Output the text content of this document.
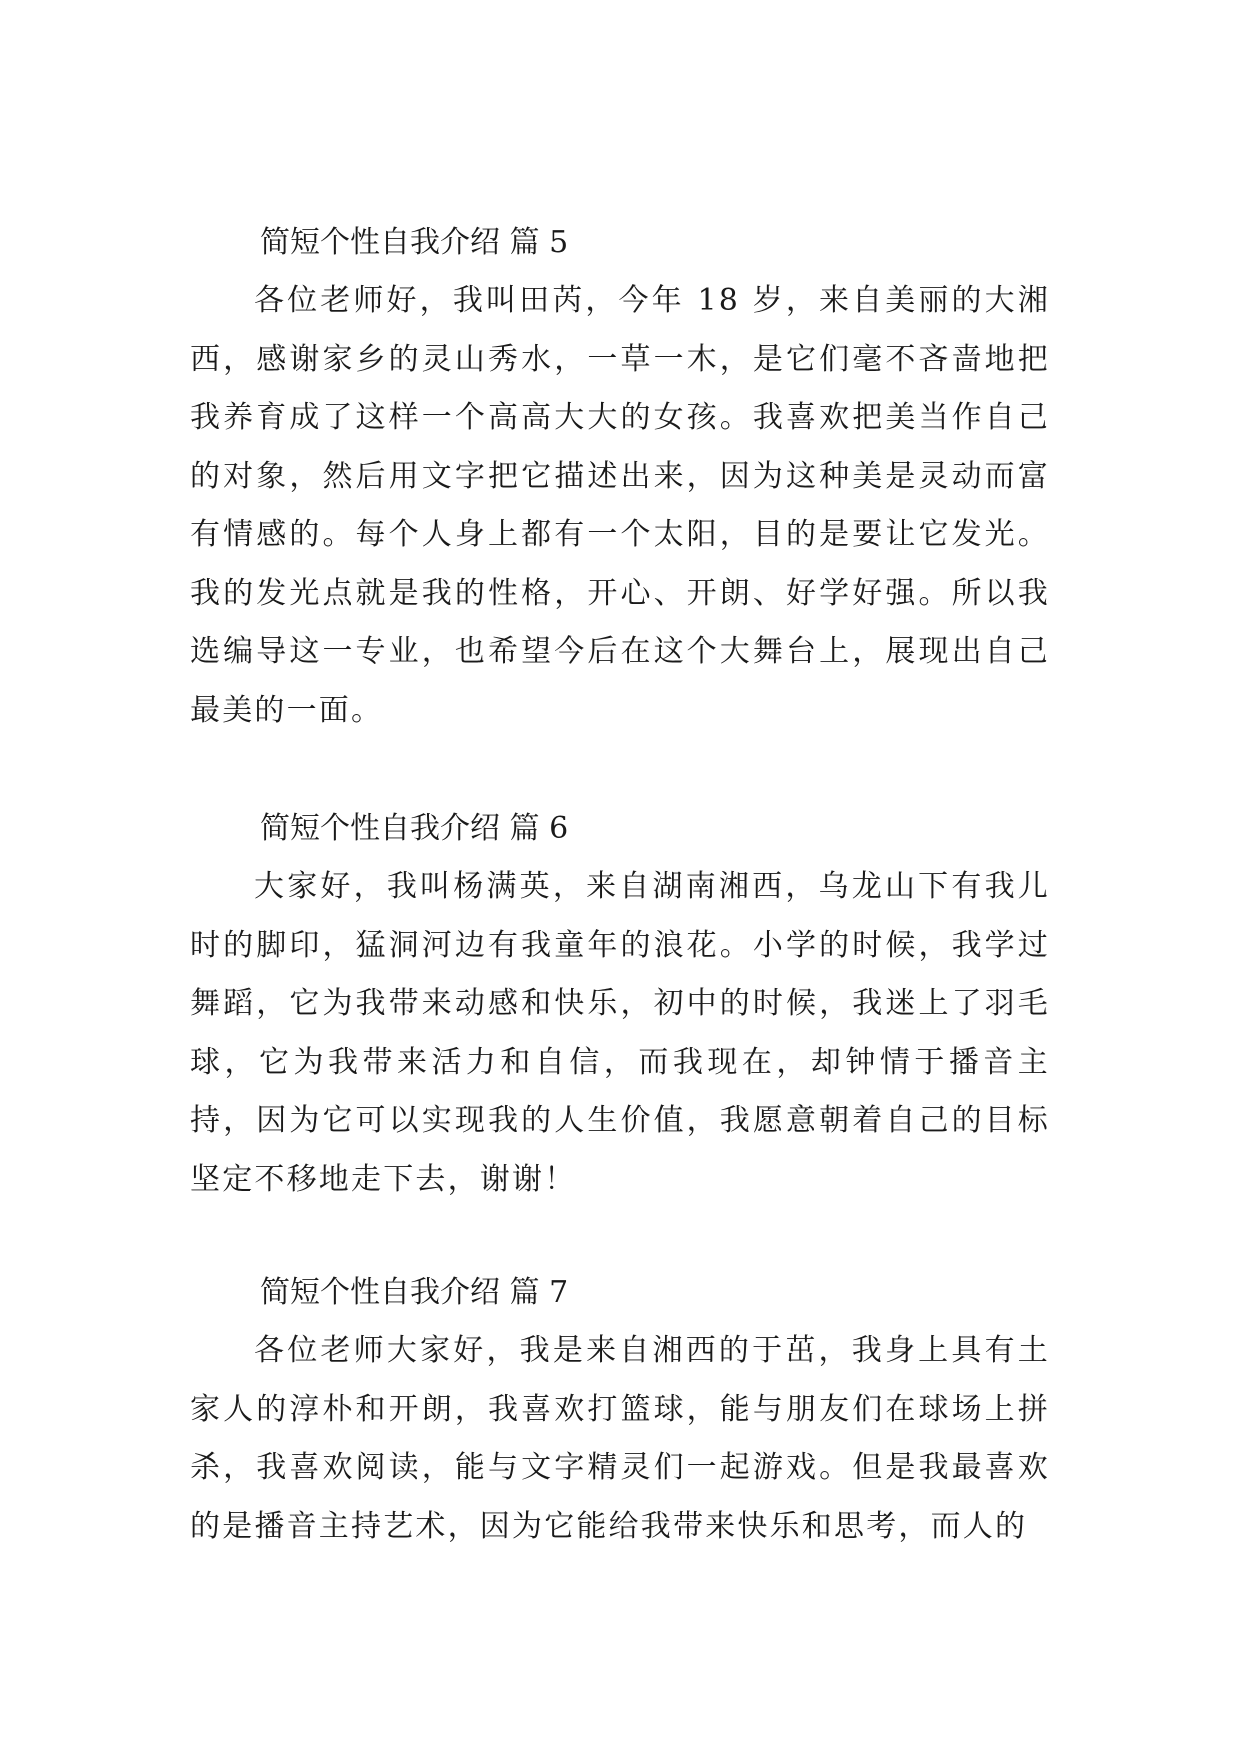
简短个性自我介绍 篇 5

各位老师好，我叫田芮，今年 18 岁，来自美丽的大湘西，感谢家乡的灵山秀水，一草一木，是它们毫不吝啬地把我养育成了这样一个高高大大的女孩。我喜欢把美当作自己的对象，然后用文字把它描述出来，因为这种美是灵动而富有情感的。每个人身上都有一个太阳，目的是要让它发光。我的发光点就是我的性格，开心、开朗、好学好强。所以我选编导这一专业，也希望今后在这个大舞台上，展现出自己最美的一面。

简短个性自我介绍 篇 6

大家好，我叫杨满英，来自湖南湘西，乌龙山下有我儿时的脚印，猛洞河边有我童年的浪花。小学的时候，我学过舞蹈，它为我带来动感和快乐，初中的时候，我迷上了羽毛球，它为我带来活力和自信，而我现在，却钟情于播音主持，因为它可以实现我的人生价值，我愿意朝着自己的目标坚定不移地走下去，谢谢！

简短个性自我介绍 篇 7

各位老师大家好，我是来自湘西的于茁，我身上具有土家人的淳朴和开朗，我喜欢打篮球，能与朋友们在球场上拼杀，我喜欢阅读，能与文字精灵们一起游戏。但是我最喜欢的是播音主持艺术，因为它能给我带来快乐和思考，而人的
